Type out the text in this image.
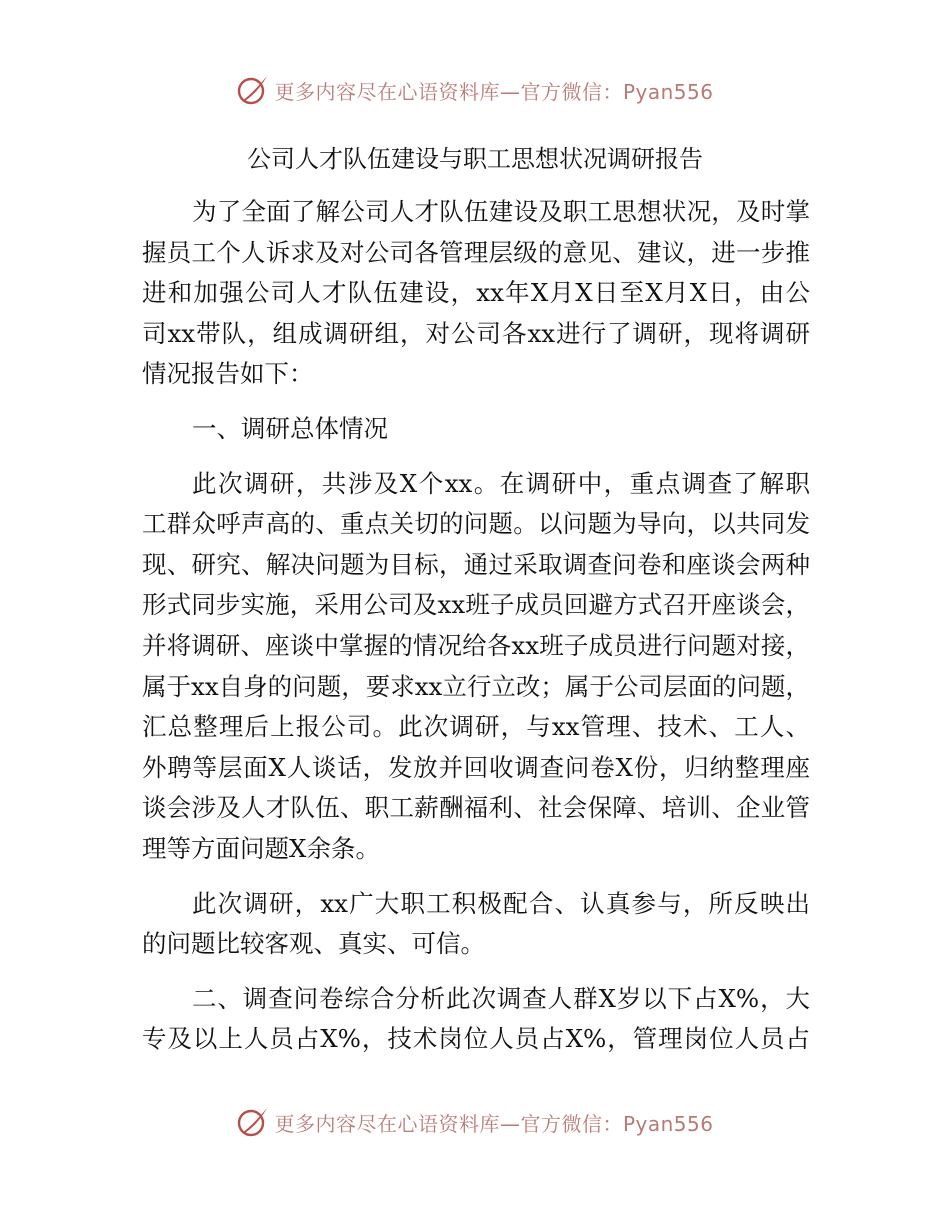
更多内容尽在心语资料库—官方微信：Pyan556
公司人才队伍建设与职工思想状况调研报告

为了全面了解公司人才队伍建设及职工思想状况，及时掌
握员工个人诉求及对公司各管理层级的意见、建议，进一步推
进和加强公司人才队伍建设，xx年X月X日至X月X日，由公
司xx带队，组成调研组，对公司各xx进行了调研，现将调研
情况报告如下：

一、调研总体情况

此次调研，共涉及X个xx。在调研中，重点调查了解职
工群众呼声高的、重点关切的问题。以问题为导向，以共同发
现、研究、解决问题为目标，通过采取调查问卷和座谈会两种
形式同步实施，采用公司及xx班子成员回避方式召开座谈会，
并将调研、座谈中掌握的情况给各xx班子成员进行问题对接，
属于xx自身的问题，要求xx立行立改；属于公司层面的问题，
汇总整理后上报公司。此次调研，与xx管理、技术、工人、
外聘等层面X人谈话，发放并回收调查问卷X份，归纳整理座
谈会涉及人才队伍、职工薪酬福利、社会保障、培训、企业管
理等方面问题X余条。

此次调研，xx广大职工积极配合、认真参与，所反映出
的问题比较客观、真实、可信。

二、调查问卷综合分析此次调查人群X岁以下占X%，大
专及以上人员占X%，技术岗位人员占X%，管理岗位人员占

更多内容尽在心语资料库—官方微信：Pyan556
